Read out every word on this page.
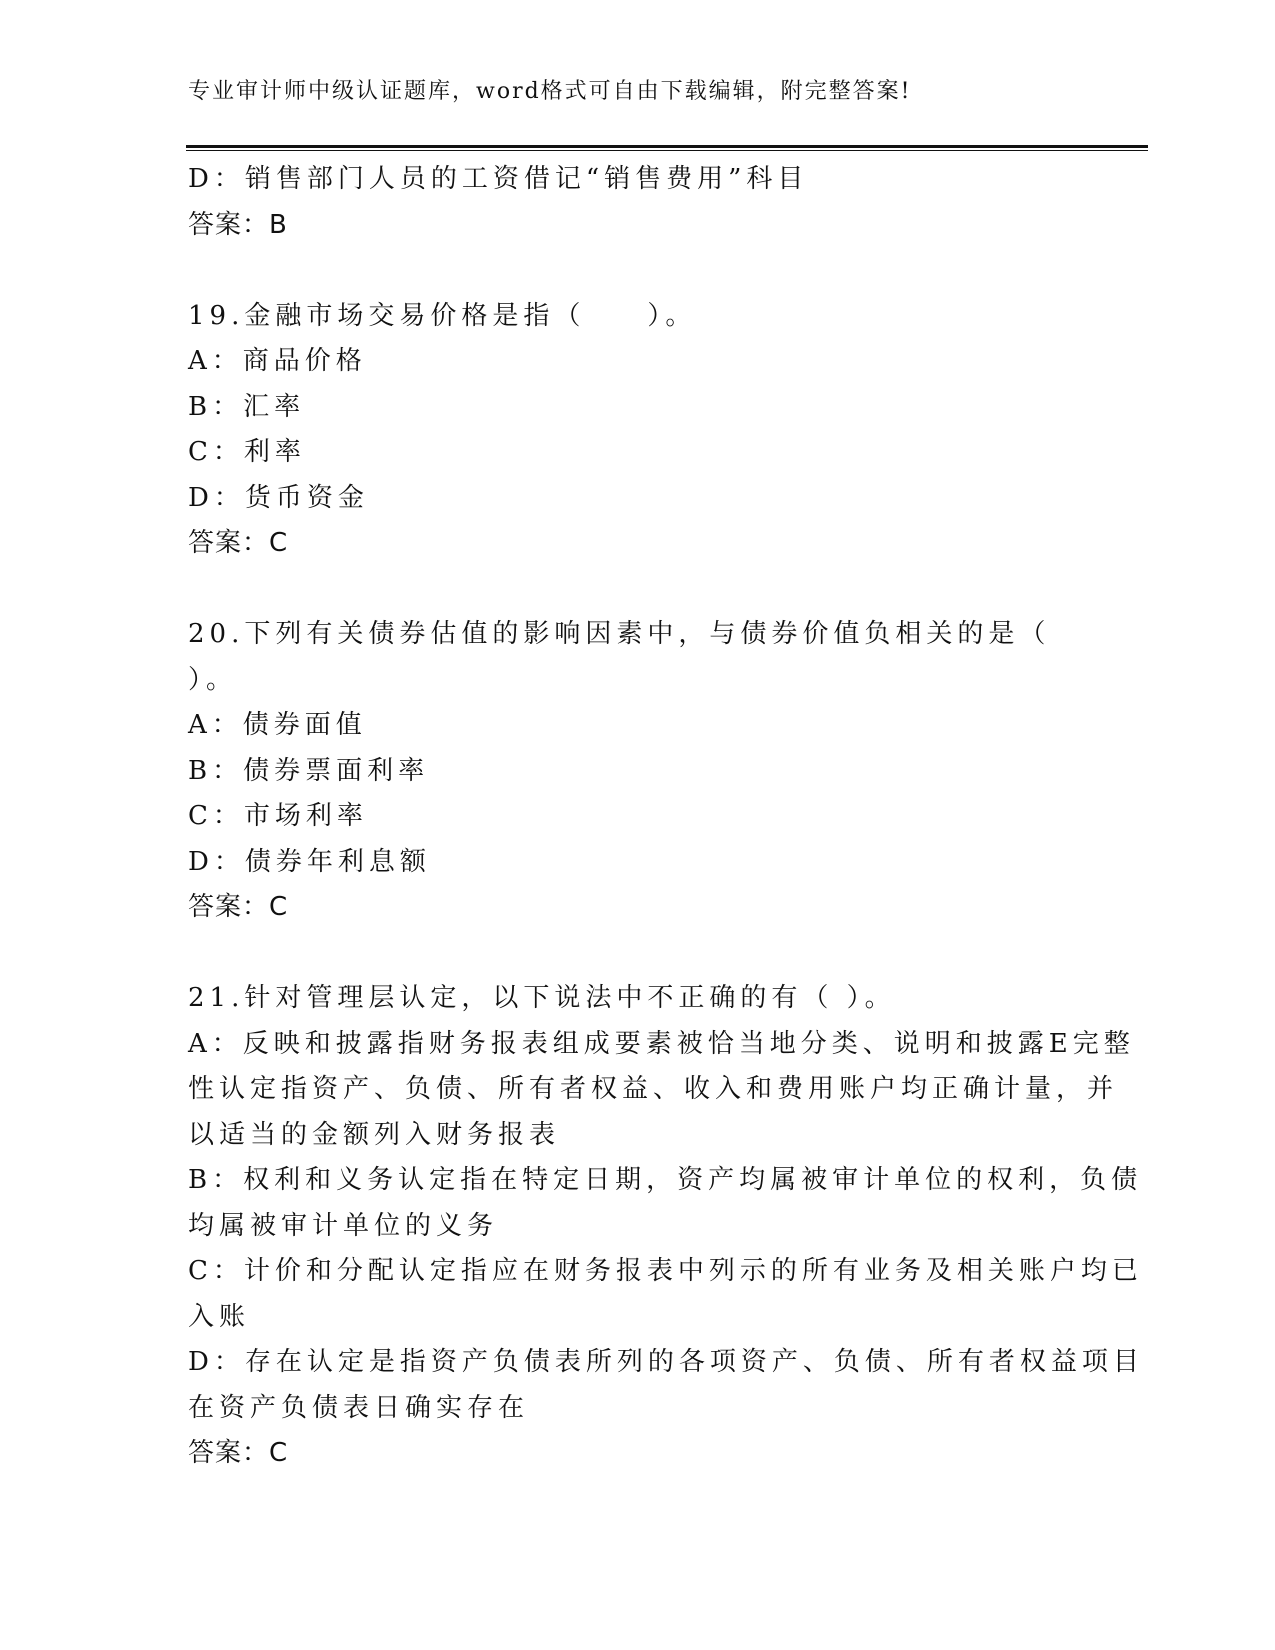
专业审计师中级认证题库，word格式可自由下载编辑，附完整答案!
D：销售部门人员的工资借记“销售费用”科目
答案：B
19.金融市场交易价格是指（　　）。
A：商品价格
B：汇率
C：利率
D：货币资金
答案：C
20.下列有关债券估值的影响因素中，与债券价值负相关的是（
）。
A：债券面值
B：债券票面利率
C：市场利率
D：债券年利息额
答案：C
21.针对管理层认定，以下说法中不正确的有（ ）。
A：反映和披露指财务报表组成要素被恰当地分类、说明和披露E完整
性认定指资产、负债、所有者权益、收入和费用账户均正确计量，并
以适当的金额列入财务报表
B：权利和义务认定指在特定日期，资产均属被审计单位的权利，负债
均属被审计单位的义务
C：计价和分配认定指应在财务报表中列示的所有业务及相关账户均已
入账
D：存在认定是指资产负债表所列的各项资产、负债、所有者权益项目
在资产负债表日确实存在
答案：C
